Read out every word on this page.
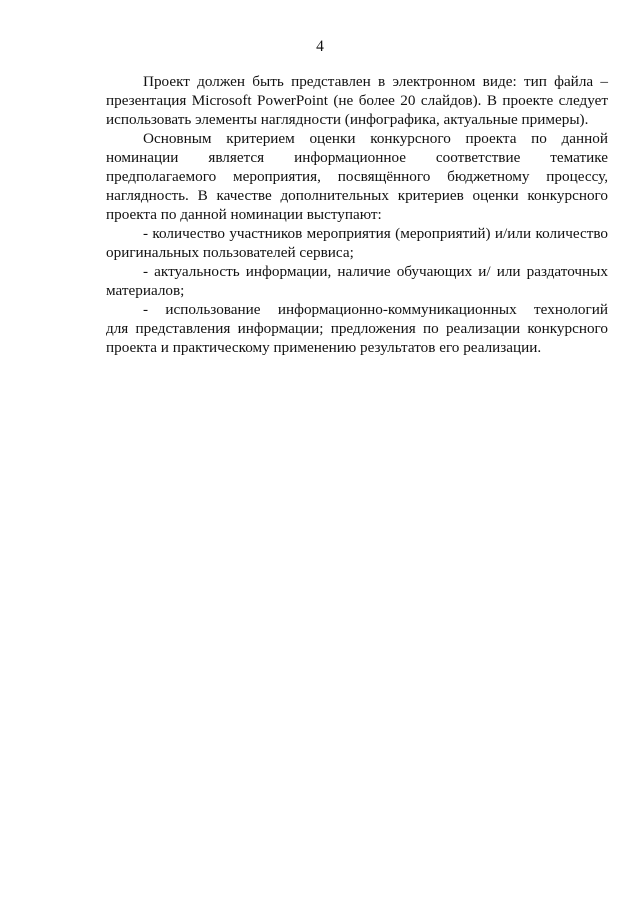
4
Проект должен быть представлен в электронном виде: тип файла –
презентация Microsoft PowerPoint (не более 20 слайдов). В проекте следует
использовать элементы наглядности (инфографика, актуальные примеры).
Основным критерием оценки конкурсного проекта по данной
номинации является информационное соответствие тематике
предполагаемого мероприятия, посвящённого бюджетному процессу,
наглядность. В качестве дополнительных критериев оценки конкурсного
проекта по данной номинации выступают:
- количество участников мероприятия (мероприятий) и/или количество
оригинальных пользователей сервиса;
- актуальность информации, наличие обучающих и/ или раздаточных
материалов;
- использование информационно-коммуникационных технологий
для представления информации; предложения по реализации конкурсного
проекта и практическому применению результатов его реализации.
